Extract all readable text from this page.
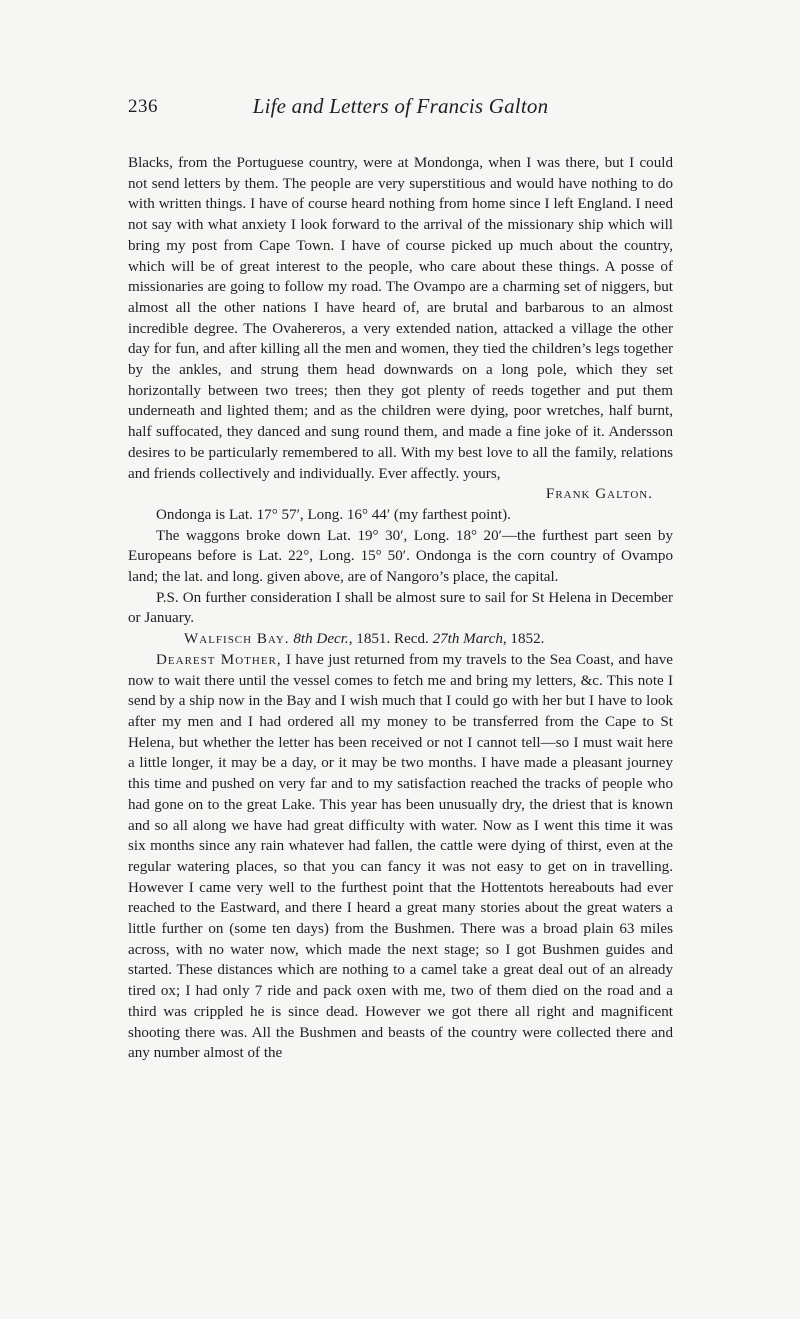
236	Life and Letters of Francis Galton

Blacks, from the Portuguese country, were at Mondonga, when I was there, but I could not send letters by them. The people are very superstitious and would have nothing to do with written things. I have of course heard nothing from home since I left England. I need not say with what anxiety I look forward to the arrival of the missionary ship which will bring my post from Cape Town. I have of course picked up much about the country, which will be of great interest to the people, who care about these things. A posse of missionaries are going to follow my road. The Ovampo are a charming set of niggers, but almost all the other nations I have heard of, are brutal and barbarous to an almost incredible degree. The Ovahereros, a very extended nation, attacked a village the other day for fun, and after killing all the men and women, they tied the children’s legs together by the ankles, and strung them head downwards on a long pole, which they set horizontally between two trees; then they got plenty of reeds together and put them underneath and lighted them; and as the children were dying, poor wretches, half burnt, half suffocated, they danced and sung round them, and made a fine joke of it. Andersson desires to be particularly remembered to all. With my best love to all the family, relations and friends collectively and individually. Ever affectly. yours,

Frank Galton.

Ondonga is Lat. 17° 57′, Long. 16° 44′ (my farthest point).

The waggons broke down Lat. 19° 30′, Long. 18° 20′—the furthest part seen by Europeans before is Lat. 22°, Long. 15° 50′. Ondonga is the corn country of Ovampo land; the lat. and long. given above, are of Nangoro’s place, the capital.

P.S. On further consideration I shall be almost sure to sail for St Helena in December or January.

Walfisch Bay. 8th Decr., 1851. Recd. 27th March, 1852.

Dearest Mother, I have just returned from my travels to the Sea Coast, and have now to wait there until the vessel comes to fetch me and bring my letters, &c. This note I send by a ship now in the Bay and I wish much that I could go with her but I have to look after my men and I had ordered all my money to be transferred from the Cape to St Helena, but whether the letter has been received or not I cannot tell—so I must wait here a little longer, it may be a day, or it may be two months. I have made a pleasant journey this time and pushed on very far and to my satisfaction reached the tracks of people who had gone on to the great Lake. This year has been unusually dry, the driest that is known and so all along we have had great difficulty with water. Now as I went this time it was six months since any rain whatever had fallen, the cattle were dying of thirst, even at the regular watering places, so that you can fancy it was not easy to get on in travelling. However I came very well to the furthest point that the Hottentots hereabouts had ever reached to the Eastward, and there I heard a great many stories about the great waters a little further on (some ten days) from the Bushmen. There was a broad plain 63 miles across, with no water now, which made the next stage; so I got Bushmen guides and started. These distances which are nothing to a camel take a great deal out of an already tired ox; I had only 7 ride and pack oxen with me, two of them died on the road and a third was crippled he is since dead. However we got there all right and magnificent shooting there was. All the Bushmen and beasts of the country were collected there and any number almost of the
